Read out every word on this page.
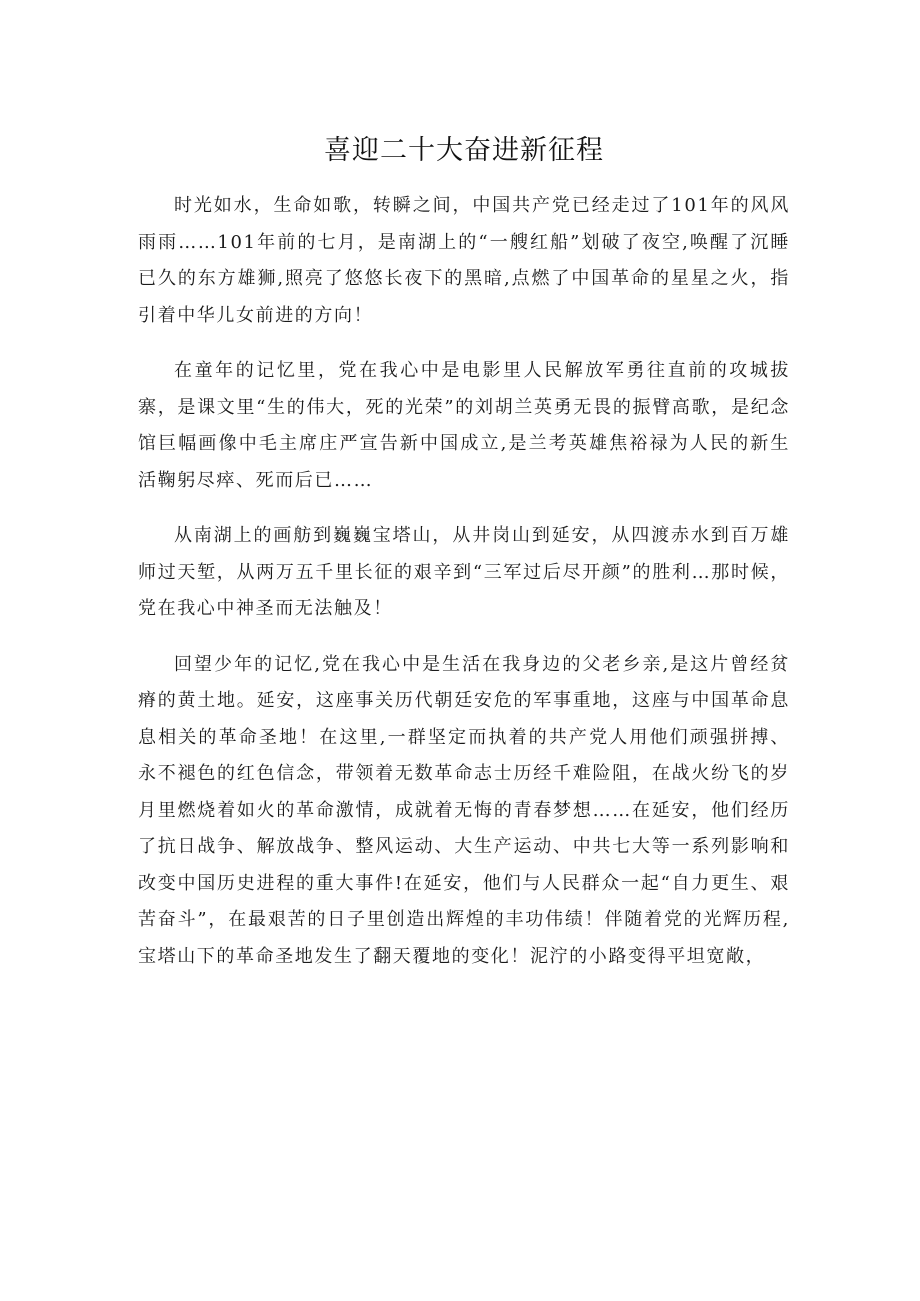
喜迎二十大奋进新征程

时光如水，生命如歌，转瞬之间，中国共产党已经走过了101年的风风雨雨……101年前的七月，是南湖上的“一艘红船”划破了夜空,唤醒了沉睡已久的东方雄狮,照亮了悠悠长夜下的黑暗,点燃了中国革命的星星之火，指引着中华儿女前进的方向！

在童年的记忆里，党在我心中是电影里人民解放军勇往直前的攻城拔寨，是课文里“生的伟大，死的光荣”的刘胡兰英勇无畏的振臂高歌，是纪念馆巨幅画像中毛主席庄严宣告新中国成立,是兰考英雄焦裕禄为人民的新生活鞠躬尽瘁、死而后已……

从南湖上的画舫到巍巍宝塔山，从井岗山到延安，从四渡赤水到百万雄师过天堑，从两万五千里长征的艰辛到“三军过后尽开颜”的胜利…那时候，党在我心中神圣而无法触及！

回望少年的记忆,党在我心中是生活在我身边的父老乡亲,是这片曾经贫瘠的黄土地。延安，这座事关历代朝廷安危的军事重地，这座与中国革命息息相关的革命圣地！在这里,一群坚定而执着的共产党人用他们顽强拼搏、永不褪色的红色信念，带领着无数革命志士历经千难险阻，在战火纷飞的岁月里燃烧着如火的革命激情，成就着无悔的青春梦想……在延安，他们经历了抗日战争、解放战争、整风运动、大生产运动、中共七大等一系列影响和改变中国历史进程的重大事件!在延安，他们与人民群众一起“自力更生、艰苦奋斗”，在最艰苦的日子里创造出辉煌的丰功伟绩！伴随着党的光辉历程,宝塔山下的革命圣地发生了翻天覆地的变化！泥泞的小路变得平坦宽敞，
